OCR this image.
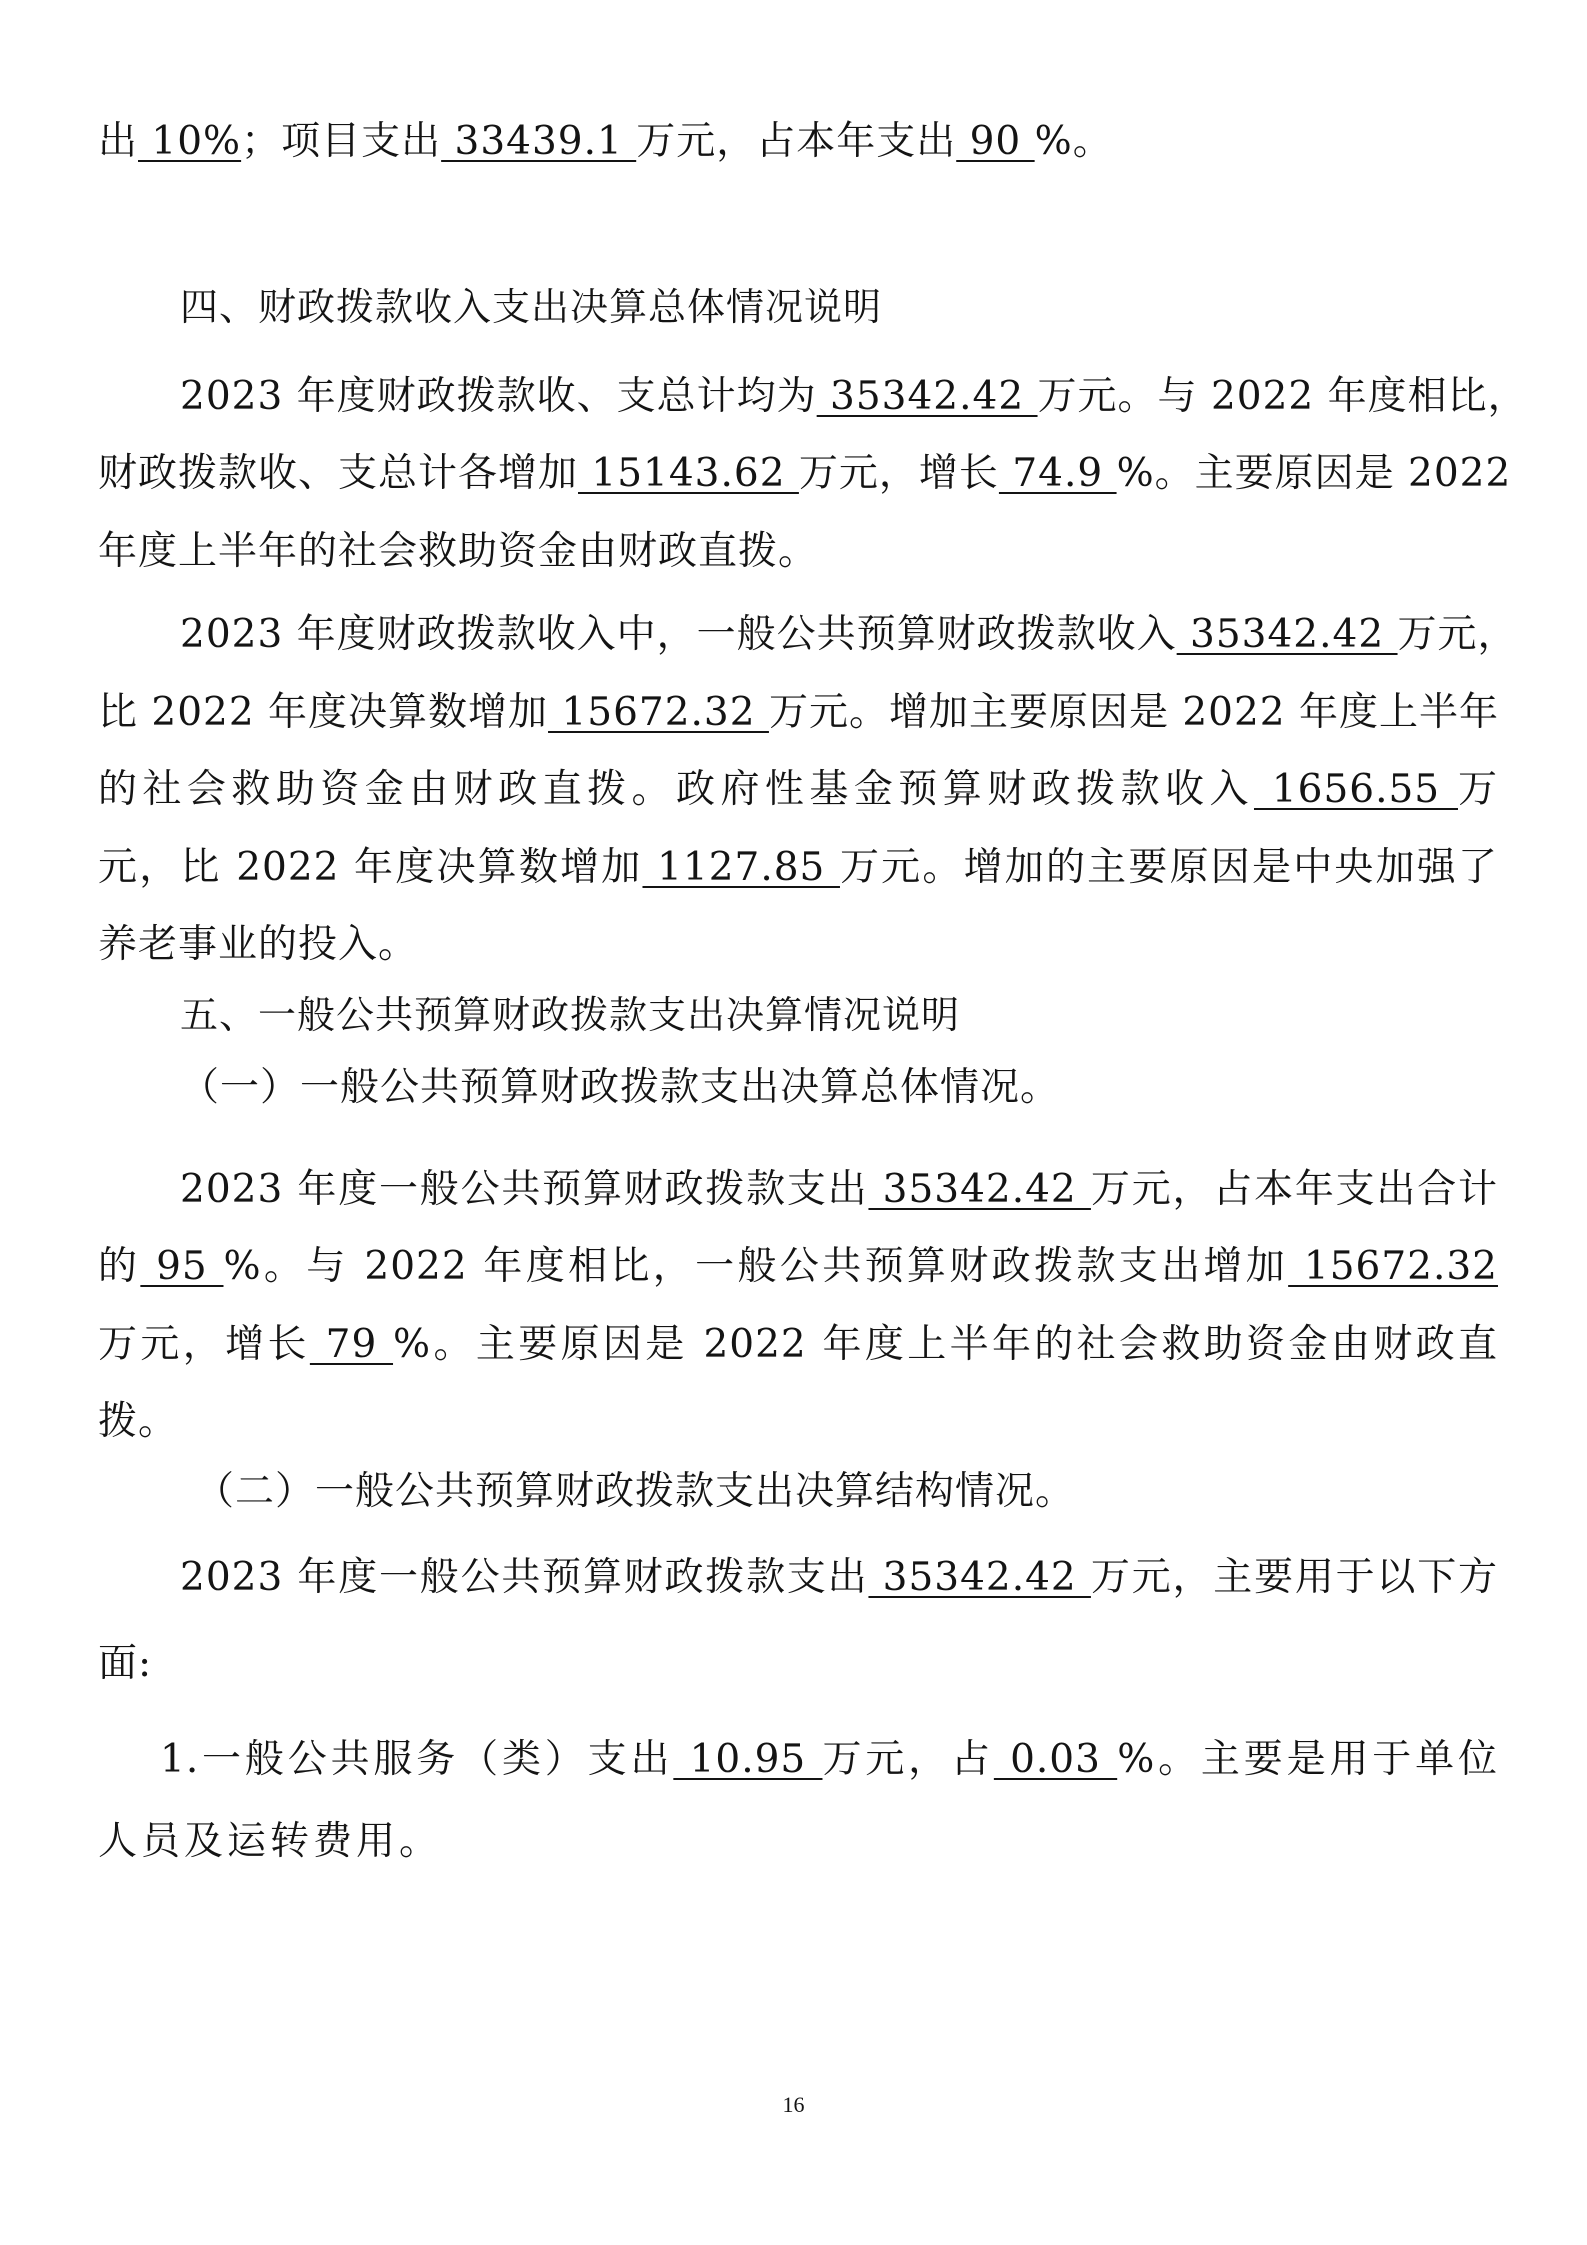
出 10%；项目支出 33439.1 万元，占本年支出 90 %。
四、财政拨款收入支出决算总体情况说明
2023 年度财政拨款收、支总计均为 35342.42 万元。与 2022 年度相比，
财政拨款收、支总计各增加 15143.62 万元，增长 74.9 %。主要原因是 2022
年度上半年的社会救助资金由财政直拨。
2023 年度财政拨款收入中，一般公共预算财政拨款收入 35342.42 万元，
比 2022 年度决算数增加 15672.32 万元。增加主要原因是 2022 年度上半年
的社会救助资金由财政直拨。政府性基金预算财政拨款收入 1656.55 万
元，比 2022 年度决算数增加 1127.85 万元。增加的主要原因是中央加强了
养老事业的投入。
五、一般公共预算财政拨款支出决算情况说明
（一）一般公共预算财政拨款支出决算总体情况。
2023 年度一般公共预算财政拨款支出 35342.42 万元，占本年支出合计
的 95 %。与 2022 年度相比，一般公共预算财政拨款支出增加 15672.32
万元，增长 79 %。主要原因是 2022 年度上半年的社会救助资金由财政直
拨。
（二）一般公共预算财政拨款支出决算结构情况。
2023 年度一般公共预算财政拨款支出 35342.42 万元，主要用于以下方
面:
1.一般公共服务（类）支出 10.95 万元，占 0.03 %。主要是用于单位
人员及运转费用。
16
